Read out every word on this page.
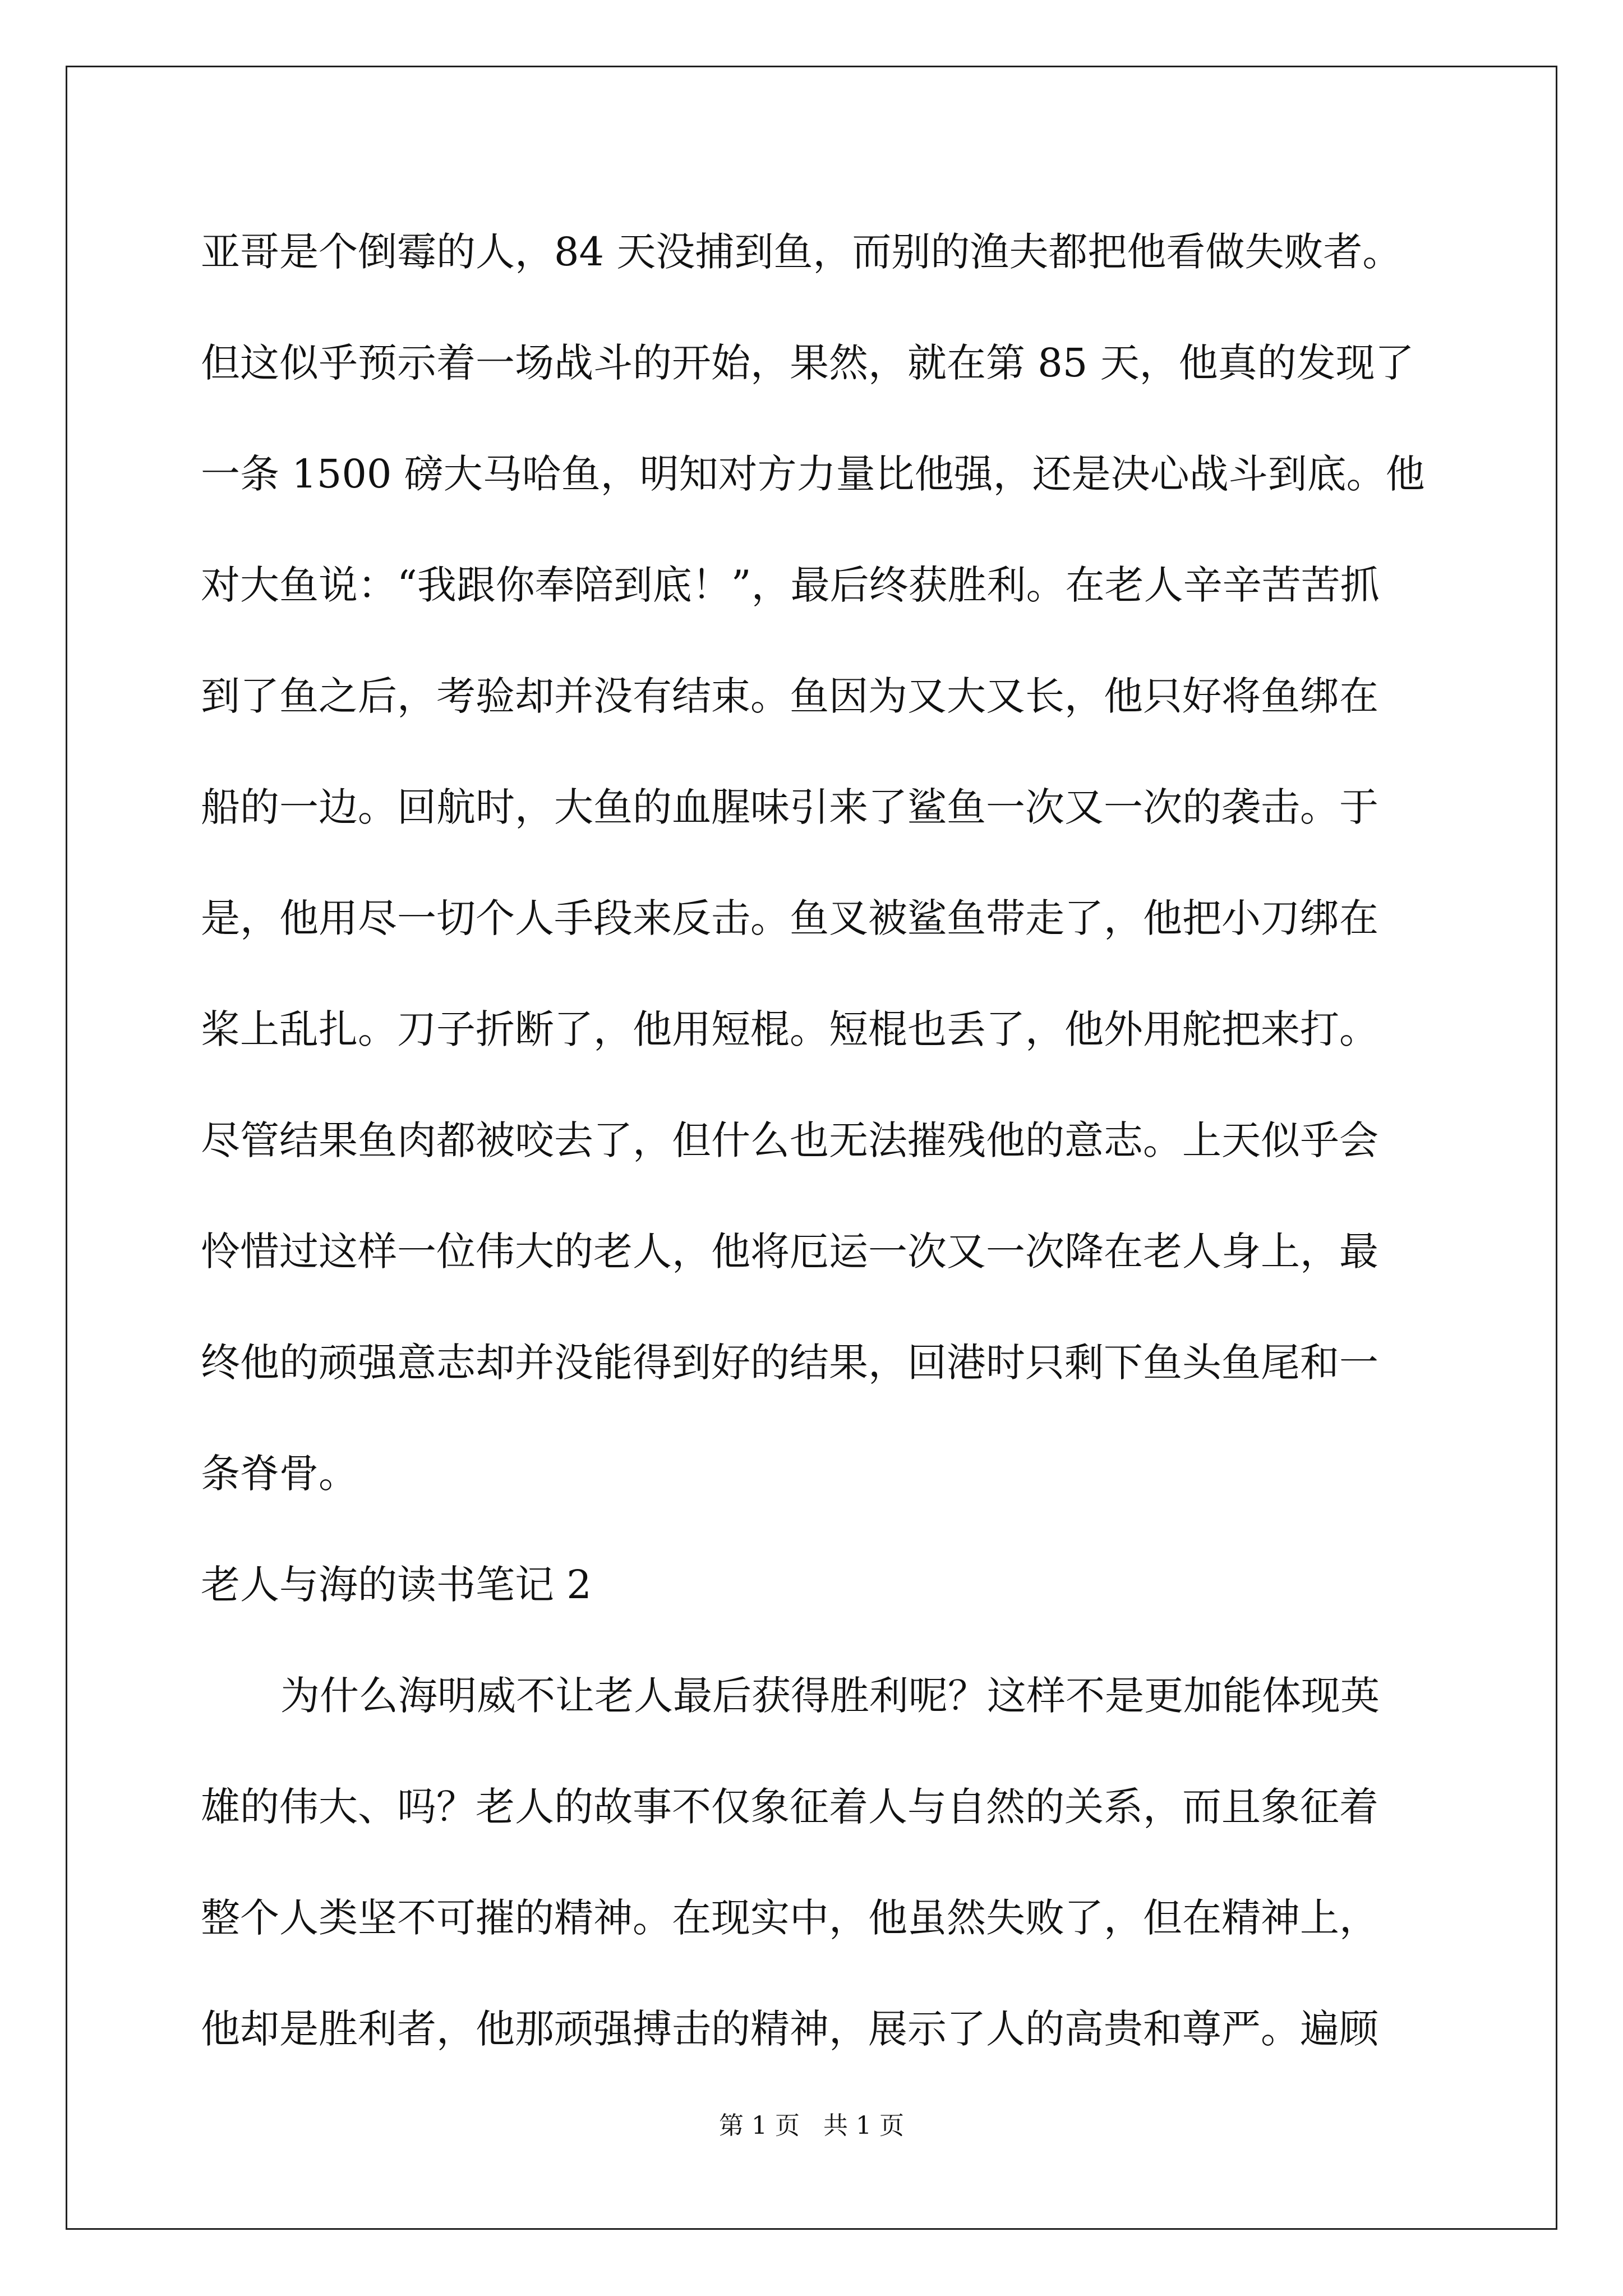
亚哥是个倒霉的人，84 天没捕到鱼，而别的渔夫都把他看做失败者。
但这似乎预示着一场战斗的开始，果然，就在第 85 天，他真的发现了
一条 1500 磅大马哈鱼，明知对方力量比他强，还是决心战斗到底。他
对大鱼说：“我跟你奉陪到底！”，最后终获胜利。在老人辛辛苦苦抓
到了鱼之后，考验却并没有结束。鱼因为又大又长，他只好将鱼绑在
船的一边。回航时，大鱼的血腥味引来了鲨鱼一次又一次的袭击。于
是，他用尽一切个人手段来反击。鱼叉被鲨鱼带走了，他把小刀绑在
桨上乱扎。刀子折断了，他用短棍。短棍也丢了，他外用舵把来打。
尽管结果鱼肉都被咬去了，但什么也无法摧残他的意志。上天似乎会
怜惜过这样一位伟大的老人，他将厄运一次又一次降在老人身上，最
终他的顽强意志却并没能得到好的结果，回港时只剩下鱼头鱼尾和一
条脊骨。
老人与海的读书笔记 2
为什么海明威不让老人最后获得胜利呢？这样不是更加能体现英
雄的伟大、吗？老人的故事不仅象征着人与自然的关系，而且象征着
整个人类坚不可摧的精神。在现实中，他虽然失败了，但在精神上，
他却是胜利者，他那顽强搏击的精神，展示了人的高贵和尊严。遍顾
第 1 页 共 1 页
